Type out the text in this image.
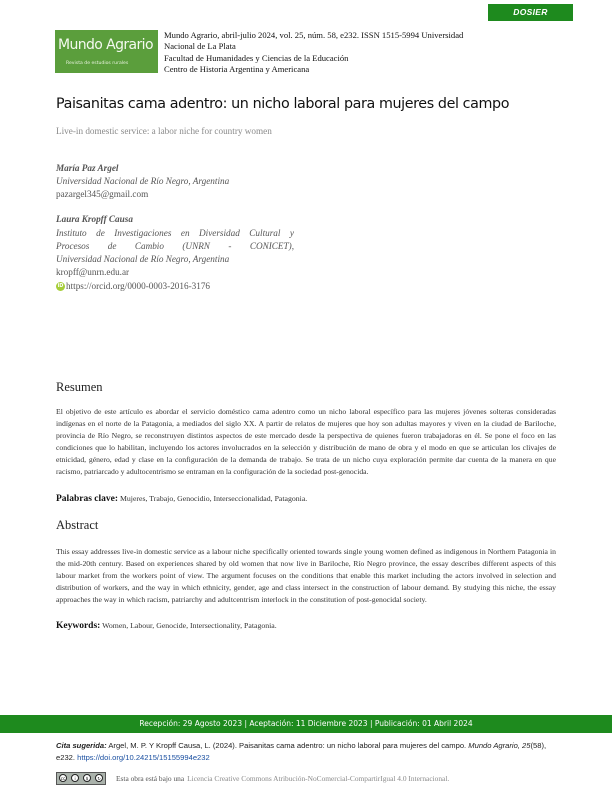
DOSIER
Mundo Agrario
Revista de estudios rurales
Mundo Agrario, abril-julio 2024, vol. 25, núm. 58, e232. ISSN 1515-5994 Universidad
Nacional de La Plata
Facultad de Humanidades y Ciencias de la Educación
Centro de Historia Argentina y Americana
Paisanitas cama adentro: un nicho laboral para mujeres del campo
Live-in domestic service: a labor niche for country women
María Paz Argel
Universidad Nacional de Río Negro, Argentina
pazargel345@gmail.com
Laura Kropff Causa
Instituto de Investigaciones en Diversidad Cultural y
Procesos de Cambio (UNRN - CONICET),
Universidad Nacional de Río Negro, Argentina
kropff@unrn.edu.ar
iD https://orcid.org/0000-0003-2016-3176
Resumen
El objetivo de este artículo es abordar el servicio doméstico cama adentro como un nicho laboral específico para las mujeres jóvenes solteras consideradas indígenas en el norte de la Patagonia, a mediados del siglo XX. A partir de relatos de mujeres que hoy son adultas mayores y viven en la ciudad de Bariloche, provincia de Río Negro, se reconstruyen distintos aspectos de este mercado desde la perspectiva de quienes fueron trabajadoras en él. Se pone el foco en las condiciones que lo habilitan, incluyendo los actores involucrados en la selección y distribución de mano de obra y el modo en que se articulan los clivajes de etnicidad, género, edad y clase en la configuración de la demanda de trabajo. Se trata de un nicho cuya exploración permite dar cuenta de la manera en que racismo, patriarcado y adultocentrismo se entraman en la configuración de la sociedad post-genocida.
Palabras clave: Mujeres, Trabajo, Genocidio, Interseccionalidad, Patagonia.
Abstract
This essay addresses live-in domestic service as a labour niche specifically oriented towards single young women defined as indigenous in Northern Patagonia in the mid-20th century. Based on experiences shared by old women that now live in Bariloche, Río Negro province, the essay describes different aspects of this labour market from the workers point of view. The argument focuses on the conditions that enable this market including the actors involved in selection and distribution of workers, and the way in which ethnicity, gender, age and class intersect in the construction of labour demand. By studying this niche, the essay approaches the way in which racism, patriarchy and adultcentrism interlock in the constitution of post-genocidal society.
Keywords: Women, Labour, Genocide, Intersectionality, Patagonia.
Recepción: 29 Agosto 2023 | Aceptación: 11 Diciembre 2023 | Publicación: 01 Abril 2024
Cita sugerida: Argel, M. P. Y Kropff Causa, L. (2024). Paisanitas cama adentro: un nicho laboral para mujeres del campo. Mundo Agrario, 25(58), e232. https://doi.org/10.24215/15155994e232
cc	i	$	↻	Esta obra está bajo una Licencia Creative Commons Atribución-NoComercial-CompartirIgual 4.0 Internacional.
